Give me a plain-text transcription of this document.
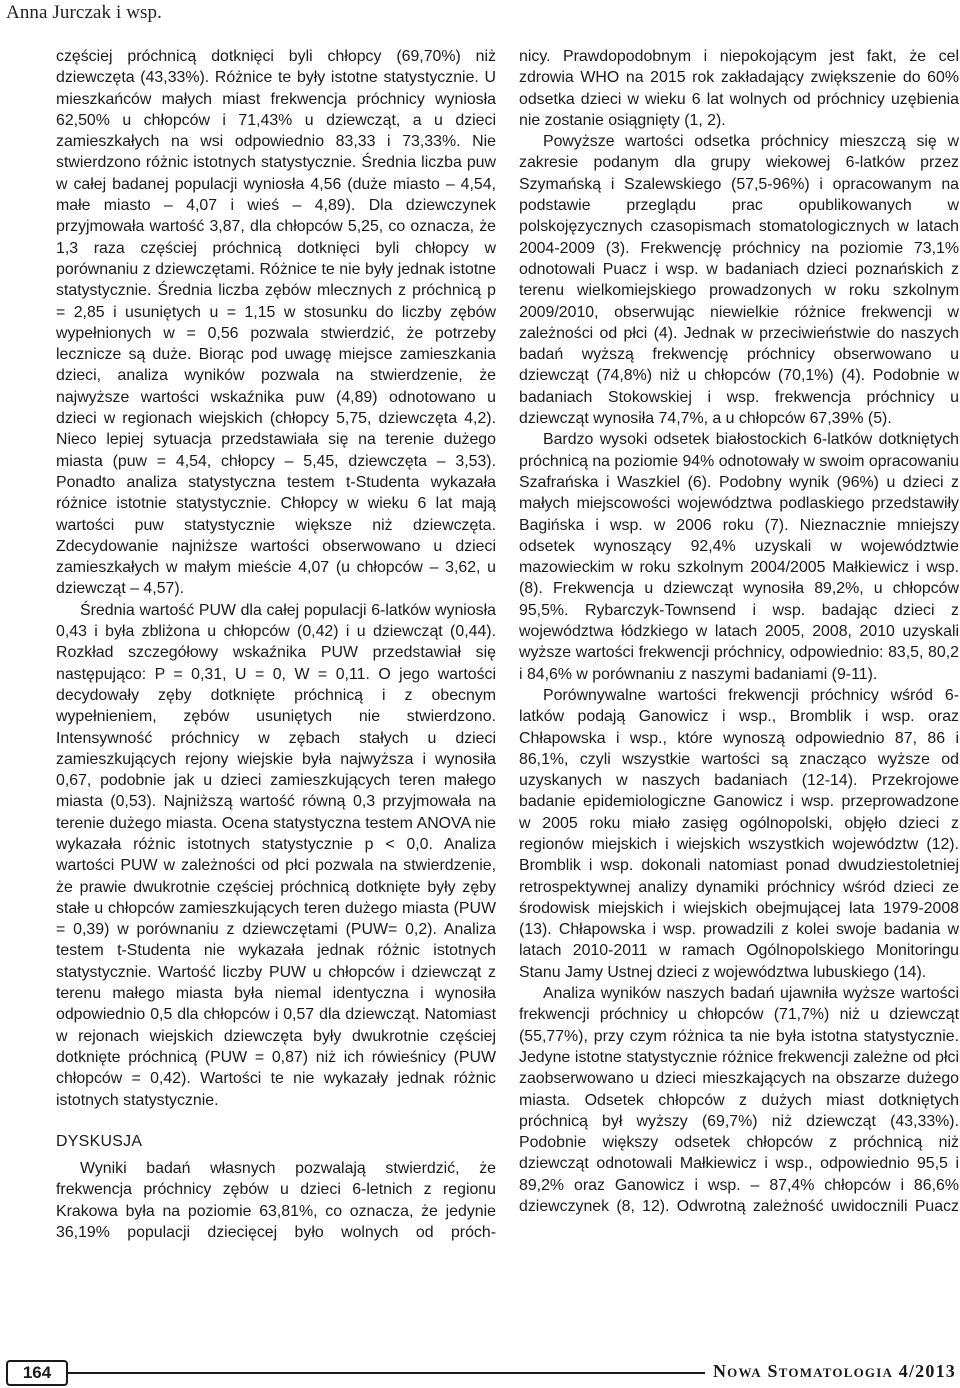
Anna Jurczak i wsp.

częściej próchnicą dotknięci byli chłopcy (69,70%) niż dziewczęta (43,33%). Różnice te były istotne statystycznie. U mieszkańców małych miast frekwencja próchnicy wyniosła 62,50% u chłopców i 71,43% u dziewcząt, a u dzieci zamieszkałych na wsi odpowiednio 83,33 i 73,33%. Nie stwierdzono różnic istotnych statystycznie. Średnia liczba puw w całej badanej populacji wyniosła 4,56 (duże miasto – 4,54, małe miasto – 4,07 i wieś – 4,89). Dla dziewczynek przyjmowała wartość 3,87, dla chłopców 5,25, co oznacza, że 1,3 raza częściej próchnicą dotknięci byli chłopcy w porównaniu z dziewczętami. Różnice te nie były jednak istotne statystycznie. Średnia liczba zębów mlecznych z próchnicą p = 2,85 i usuniętych u = 1,15 w stosunku do liczby zębów wypełnionych w = 0,56 pozwala stwierdzić, że potrzeby lecznicze są duże. Biorąc pod uwagę miejsce zamieszkania dzieci, analiza wyników pozwala na stwierdzenie, że najwyższe wartości wskaźnika puw (4,89) odnotowano u dzieci w regionach wiejskich (chłopcy 5,75, dziewczęta 4,2). Nieco lepiej sytuacja przedstawiała się na terenie dużego miasta (puw = 4,54, chłopcy – 5,45, dziewczęta – 3,53). Ponadto analiza statystyczna testem t-Studenta wykazała różnice istotnie statystycznie. Chłopcy w wieku 6 lat mają wartości puw statystycznie większe niż dziewczęta. Zdecydowanie najniższe wartości obserwowano u dzieci zamieszkałych w małym mieście 4,07 (u chłopców – 3,62, u dziewcząt – 4,57).

Średnia wartość PUW dla całej populacji 6-latków wyniosła 0,43 i była zbliżona u chłopców (0,42) i u dziewcząt (0,44). Rozkład szczegółowy wskaźnika PUW przedstawiał się następująco: P = 0,31, U = 0, W = 0,11. O jego wartości decydowały zęby dotknięte próchnicą i z obecnym wypełnieniem, zębów usuniętych nie stwierdzono. Intensywność próchnicy w zębach stałych u dzieci zamieszkujących rejony wiejskie była najwyższa i wynosiła 0,67, podobnie jak u dzieci zamieszkujących teren małego miasta (0,53). Najniższą wartość równą 0,3 przyjmowała na terenie dużego miasta. Ocena statystyczna testem ANOVA nie wykazała różnic istotnych statystycznie p < 0,0. Analiza wartości PUW w zależności od płci pozwala na stwierdzenie, że prawie dwukrotnie częściej próchnicą dotknięte były zęby stałe u chłopców zamieszkujących teren dużego miasta (PUW = 0,39) w porównaniu z dziewczętami (PUW= 0,2). Analiza testem t-Studenta nie wykazała jednak różnic istotnych statystycznie. Wartość liczby PUW u chłopców i dziewcząt z terenu małego miasta była niemal identyczna i wynosiła odpowiednio 0,5 dla chłopców i 0,57 dla dziewcząt. Natomiast w rejonach wiejskich dziewczęta były dwukrotnie częściej dotknięte próchnicą (PUW = 0,87) niż ich rówieśnicy (PUW chłopców = 0,42). Wartości te nie wykazały jednak różnic istotnych statystycznie.

DYSKUSJA

Wyniki badań własnych pozwalają stwierdzić, że frekwencja próchnicy zębów u dzieci 6-letnich z regionu Krakowa była na poziomie 63,81%, co oznacza, że jedynie 36,19% populacji dziecięcej było wolnych od próch-

nicy. Prawdopodobnym i niepokojącym jest fakt, że cel zdrowia WHO na 2015 rok zakładający zwiększenie do 60% odsetka dzieci w wieku 6 lat wolnych od próchnicy uzębienia nie zostanie osiągnięty (1, 2).

Powyższe wartości odsetka próchnicy mieszczą się w zakresie podanym dla grupy wiekowej 6-latków przez Szymańską i Szalewskiego (57,5-96%) i opracowanym na podstawie przeglądu prac opublikowanych w polskojęzycznych czasopismach stomatologicznych w latach 2004-2009 (3). Frekwencję próchnicy na poziomie 73,1% odnotowali Puacz i wsp. w badaniach dzieci poznańskich z terenu wielkomiejskiego prowadzonych w roku szkolnym 2009/2010, obserwując niewielkie różnice frekwencji w zależności od płci (4). Jednak w przeciwieństwie do naszych badań wyższą frekwencję próchnicy obserwowano u dziewcząt (74,8%) niż u chłopców (70,1%) (4). Podobnie w badaniach Stokowskiej i wsp. frekwencja próchnicy u dziewcząt wynosiła 74,7%, a u chłopców 67,39% (5).

Bardzo wysoki odsetek białostockich 6-latków dotkniętych próchnicą na poziomie 94% odnotowały w swoim opracowaniu Szafrańska i Waszkiel (6). Podobny wynik (96%) u dzieci z małych miejscowości województwa podlaskiego przedstawiły Bagińska i wsp. w 2006 roku (7). Nieznacznie mniejszy odsetek wynoszący 92,4% uzyskali w województwie mazowieckim w roku szkolnym 2004/2005 Małkiewicz i wsp. (8). Frekwencja u dziewcząt wynosiła 89,2%, u chłopców 95,5%. Rybarczyk-Townsend i wsp. badając dzieci z województwa łódzkiego w latach 2005, 2008, 2010 uzyskali wyższe wartości frekwencji próchnicy, odpowiednio: 83,5, 80,2 i 84,6% w porównaniu z naszymi badaniami (9-11).

Porównywalne wartości frekwencji próchnicy wśród 6-latków podają Ganowicz i wsp., Bromblik i wsp. oraz Chłapowska i wsp., które wynoszą odpowiednio 87, 86 i 86,1%, czyli wszystkie wartości są znacząco wyższe od uzyskanych w naszych badaniach (12-14). Przekrojowe badanie epidemiologiczne Ganowicz i wsp. przeprowadzone w 2005 roku miało zasięg ogólnopolski, objęło dzieci z regionów miejskich i wiejskich wszystkich województw (12). Bromblik i wsp. dokonali natomiast ponad dwudziestoletniej retrospektywnej analizy dynamiki próchnicy wśród dzieci ze środowisk miejskich i wiejskich obejmującej lata 1979-2008 (13). Chłapowska i wsp. prowadzili z kolei swoje badania w latach 2010-2011 w ramach Ogólnopolskiego Monitoringu Stanu Jamy Ustnej dzieci z województwa lubuskiego (14).

Analiza wyników naszych badań ujawniła wyższe wartości frekwencji próchnicy u chłopców (71,7%) niż u dziewcząt (55,77%), przy czym różnica ta nie była istotna statystycznie. Jedyne istotne statystycznie różnice frekwencji zależne od płci zaobserwowano u dzieci mieszkających na obszarze dużego miasta. Odsetek chłopców z dużych miast dotkniętych próchnicą był wyższy (69,7%) niż dziewcząt (43,33%). Podobnie większy odsetek chłopców z próchnicą niż dziewcząt odnotowali Małkiewicz i wsp., odpowiednio 95,5 i 89,2% oraz Ganowicz i wsp. – 87,4% chłopców i 86,6% dziewczynek (8, 12). Odwrotną zależność uwidocznili Puacz

164	Nowa Stomatologia 4/2013
